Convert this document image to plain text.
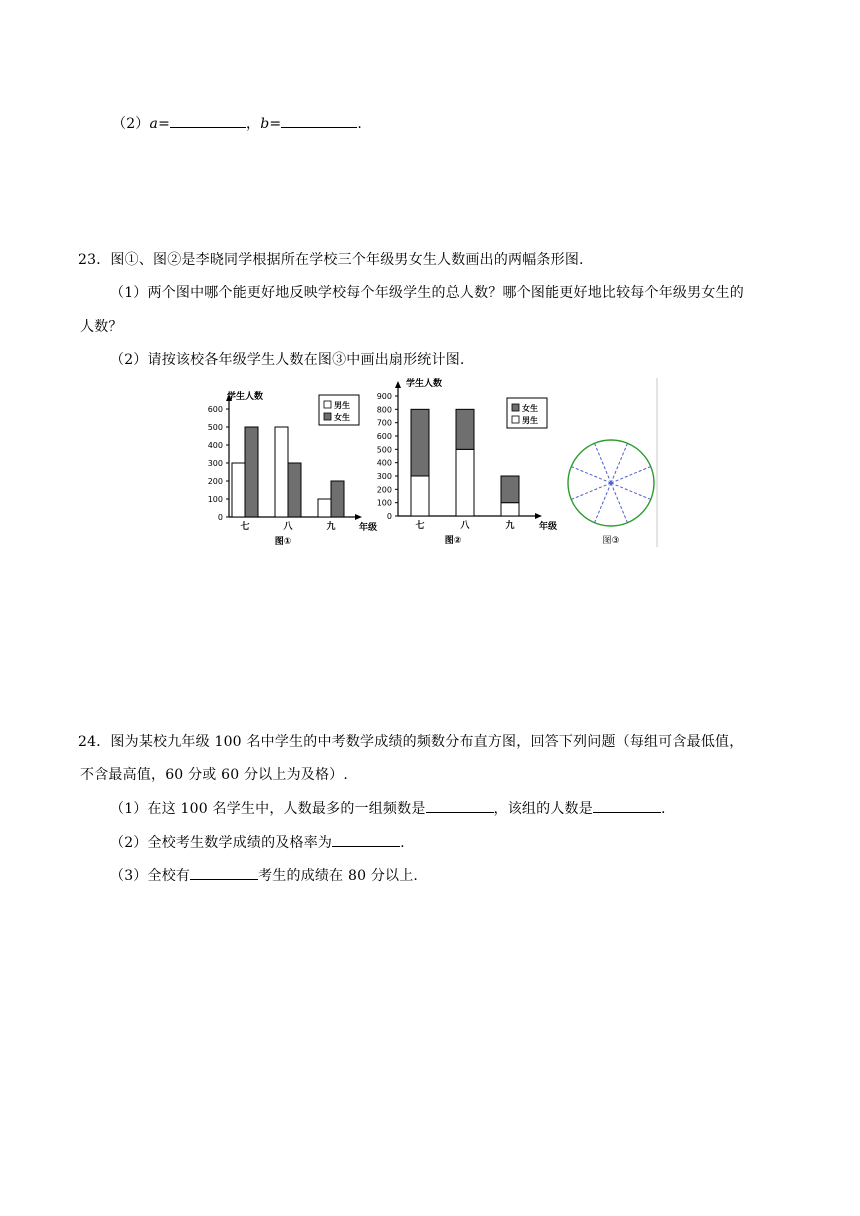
（2）a=	，b=	.
23．图①、图②是李晓同学根据所在学校三个年级男女生人数画出的两幅条形图.
（1）两个图中哪个能更好地反映学校每个年级学生的总人数？哪个图能更好地比较每个年级男女生的
人数？
（2）请按该校各年级学生人数在图③中画出扇形统计图.
0
100
200
300
400
500
600
学生人数
七	八	九	年级
男生
女生
图①
0
100
200
300
400
500
600
700
800
900
学生人数
七	八	九	年级
女生
男生
图②	图③
24．图为某校九年级 100 名中学生的中考数学成绩的频数分布直方图，回答下列问题（每组可含最低值，
不含最高值，60 分或 60 分以上为及格）.
（1）在这 100 名学生中，人数最多的一组频数是	，该组的人数是	.
（2）全校考生数学成绩的及格率为	.
（3）全校有	考生的成绩在 80 分以上.
